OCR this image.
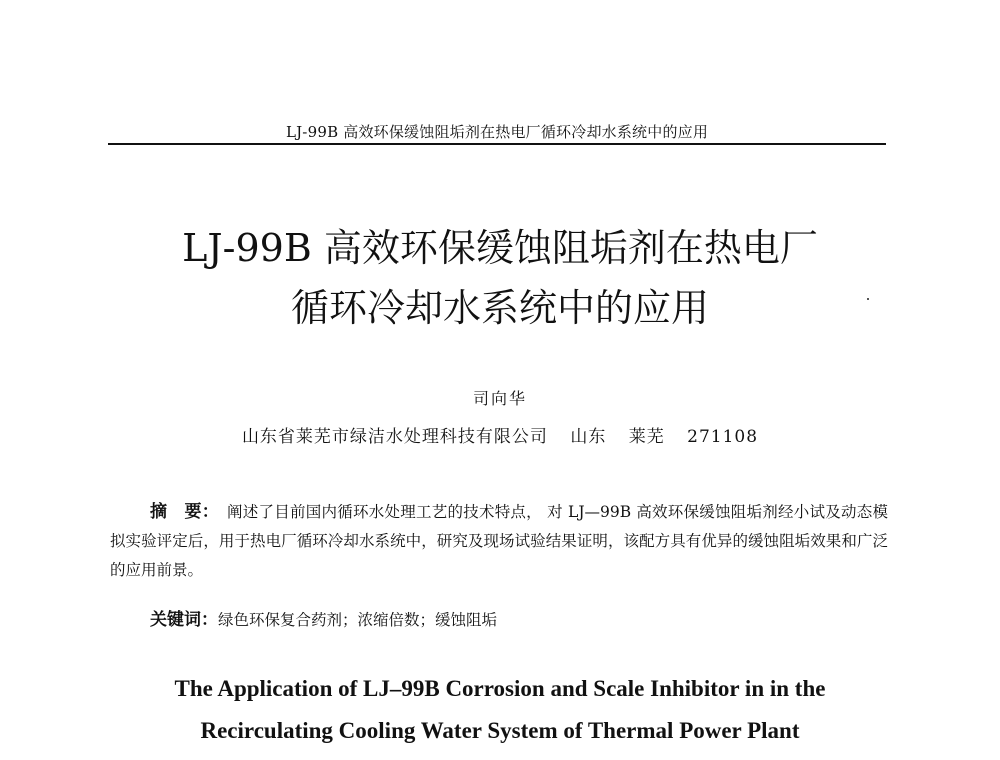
LJ-99B 高效环保缓蚀阻垢剂在热电厂循环冷却水系统中的应用
LJ-99B 高效环保缓蚀阻垢剂在热电厂
循环冷却水系统中的应用
司向华
山东省莱芜市绿洁水处理科技有限公司 山东 莱芜 271108
摘　要： 阐述了目前国内循环水处理工艺的技术特点， 对 LJ—99B 高效环保缓蚀阻垢剂经小试及动态模拟实验评定后，用于热电厂循环冷却水系统中，研究及现场试验结果证明，该配方具有优异的缓蚀阻垢效果和广泛的应用前景。
关键词：绿色环保复合药剂；浓缩倍数；缓蚀阻垢
The Application of LJ–99B Corrosion and Scale Inhibitor in in the
Recirculating Cooling Water System of Thermal Power Plant
